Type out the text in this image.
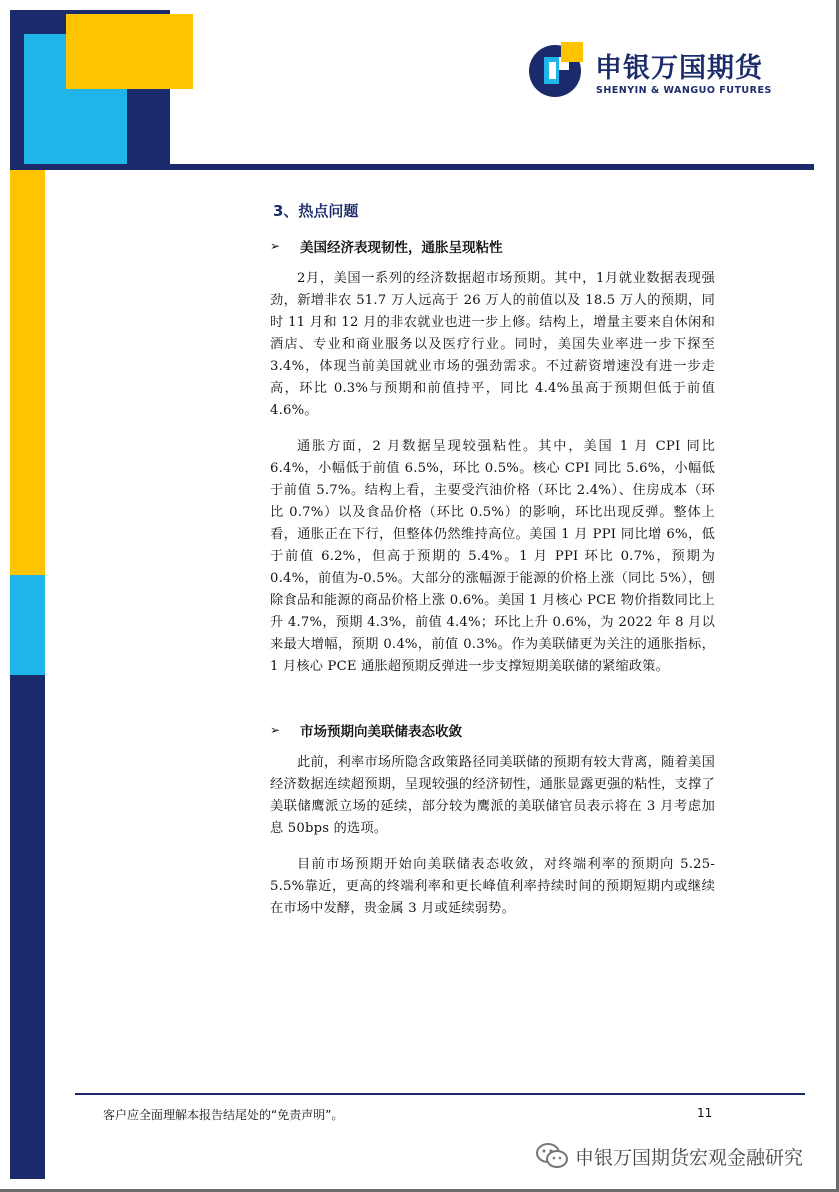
申银万国期货
SHENYIN & WANGUO FUTURES
3、热点问题
➢	美国经济表现韧性，通胀呈现粘性

2月，美国一系列的经济数据超市场预期。其中，1月就业数据表现强劲，新增非农 51.7 万人远高于 26 万人的前值以及 18.5 万人的预期，同时 11 月和 12 月的非农就业也进一步上修。结构上，增量主要来自休闲和酒店、专业和商业服务以及医疗行业。同时，美国失业率进一步下探至 3.4%，体现当前美国就业市场的强劲需求。不过薪资增速没有进一步走高，环比 0.3%与预期和前值持平，同比 4.4%虽高于预期但低于前值 4.6%。

通胀方面，2 月数据呈现较强粘性。其中，美国 1 月 CPI 同比 6.4%，小幅低于前值 6.5%，环比 0.5%。核心 CPI 同比 5.6%，小幅低于前值 5.7%。结构上看，主要受汽油价格（环比 2.4%）、住房成本（环比 0.7%）以及食品价格（环比 0.5%）的影响，环比出现反弹。整体上看，通胀正在下行，但整体仍然维持高位。美国 1 月 PPI 同比增 6%，低于前值 6.2%，但高于预期的 5.4%。1 月 PPI 环比 0.7%，预期为 0.4%，前值为-0.5%。大部分的涨幅源于能源的价格上涨（同比 5%），刨除食品和能源的商品价格上涨 0.6%。美国 1 月核心 PCE 物价指数同比上升 4.7%，预期 4.3%，前值 4.4%；环比上升 0.6%，为 2022 年 8 月以来最大增幅，预期 0.4%，前值 0.3%。作为美联储更为关注的通胀指标，1 月核心 PCE 通胀超预期反弹进一步支撑短期美联储的紧缩政策。

➢	市场预期向美联储表态收敛

此前，利率市场所隐含政策路径同美联储的预期有较大背离，随着美国经济数据连续超预期，呈现较强的经济韧性，通胀显露更强的粘性，支撑了美联储鹰派立场的延续，部分较为鹰派的美联储官员表示将在 3 月考虑加息 50bps 的选项。

目前市场预期开始向美联储表态收敛，对终端利率的预期向 5.25-5.5%靠近，更高的终端利率和更长峰值利率持续时间的预期短期内或继续在市场中发酵，贵金属 3 月或延续弱势。

客户应全面理解本报告结尾处的“免责声明”。	11
申银万国期货宏观金融研究
